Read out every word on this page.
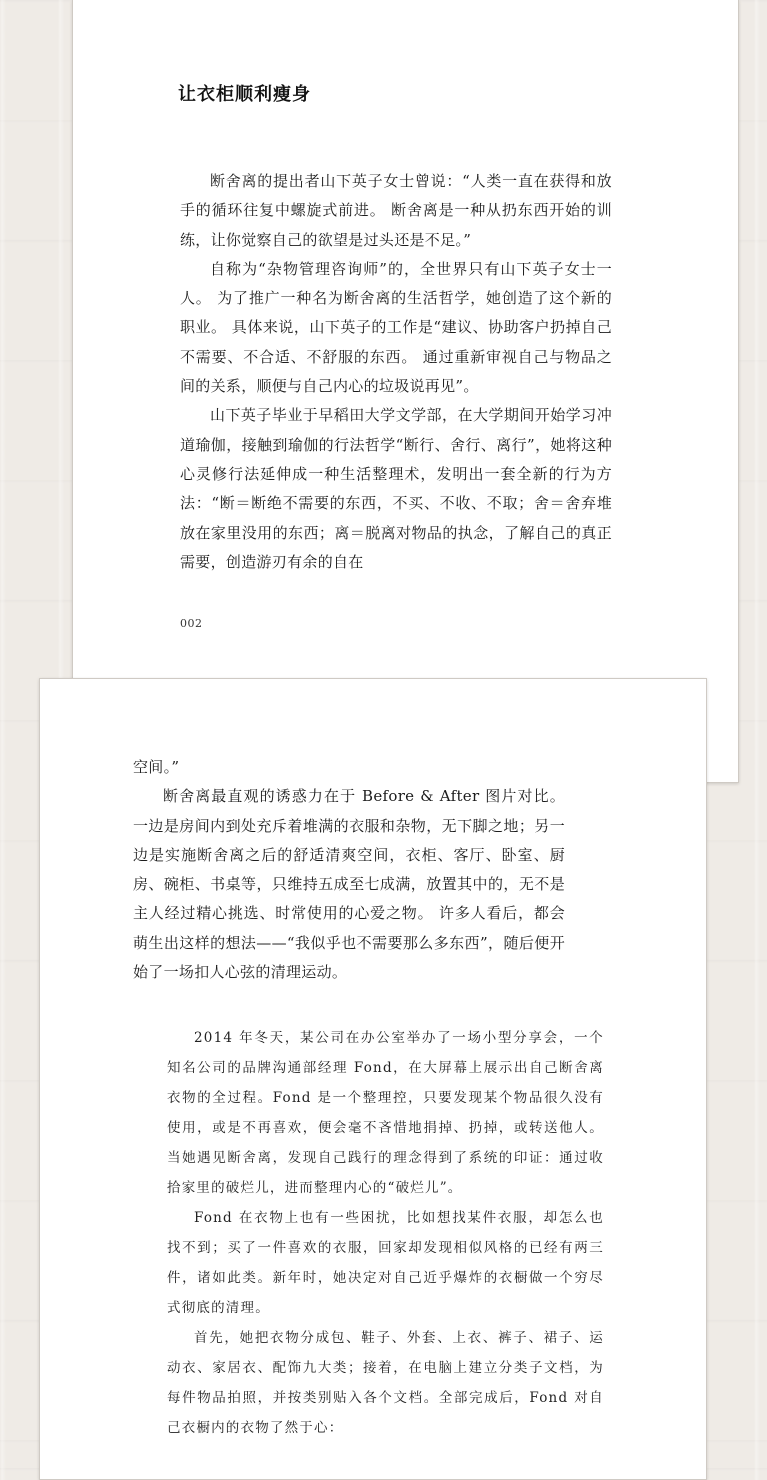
让衣柜顺利瘦身

断舍离的提出者山下英子女士曾说：“人类一直在获得和放手的循环往复中螺旋式前进。 断舍离是一种从扔东西开始的训练，让你觉察自己的欲望是过头还是不足。”

自称为“杂物管理咨询师”的，全世界只有山下英子女士一人。 为了推广一种名为断舍离的生活哲学，她创造了这个新的职业。 具体来说，山下英子的工作是“建议、协助客户扔掉自己不需要、不合适、不舒服的东西。 通过重新审视自己与物品之间的关系，顺便与自己内心的垃圾说再见”。

山下英子毕业于早稻田大学文学部，在大学期间开始学习冲道瑜伽，接触到瑜伽的行法哲学“断行、舍行、离行”，她将这种心灵修行法延伸成一种生活整理术，发明出一套全新的行为方法：“断＝断绝不需要的东西，不买、不收、不取；舍＝舍弃堆放在家里没用的东西；离＝脱离对物品的执念，了解自己的真正需要，创造游刃有余的自在

002

空间。”

断舍离最直观的诱惑力在于 Before & After 图片对比。 一边是房间内到处充斥着堆满的衣服和杂物，无下脚之地；另一边是实施断舍离之后的舒适清爽空间，衣柜、客厅、卧室、厨房、碗柜、书桌等，只维持五成至七成满，放置其中的，无不是主人经过精心挑选、时常使用的心爱之物。 许多人看后，都会萌生出这样的想法——“我似乎也不需要那么多东西”，随后便开始了一场扣人心弦的清理运动。

2014 年冬天，某公司在办公室举办了一场小型分享会，一个知名公司的品牌沟通部经理 Fond，在大屏幕上展示出自己断舍离衣物的全过程。Fond 是一个整理控，只要发现某个物品很久没有使用，或是不再喜欢，便会毫不吝惜地捐掉、扔掉，或转送他人。当她遇见断舍离，发现自己践行的理念得到了系统的印证：通过收拾家里的破烂儿，进而整理内心的“破烂儿”。

Fond 在衣物上也有一些困扰，比如想找某件衣服，却怎么也找不到；买了一件喜欢的衣服，回家却发现相似风格的已经有两三件，诸如此类。新年时，她决定对自己近乎爆炸的衣橱做一个穷尽式彻底的清理。

首先，她把衣物分成包、鞋子、外套、上衣、裤子、裙子、运动衣、家居衣、配饰九大类；接着，在电脑上建立分类子文档，为每件物品拍照，并按类别贴入各个文档。全部完成后，Fond 对自己衣橱内的衣物了然于心：
